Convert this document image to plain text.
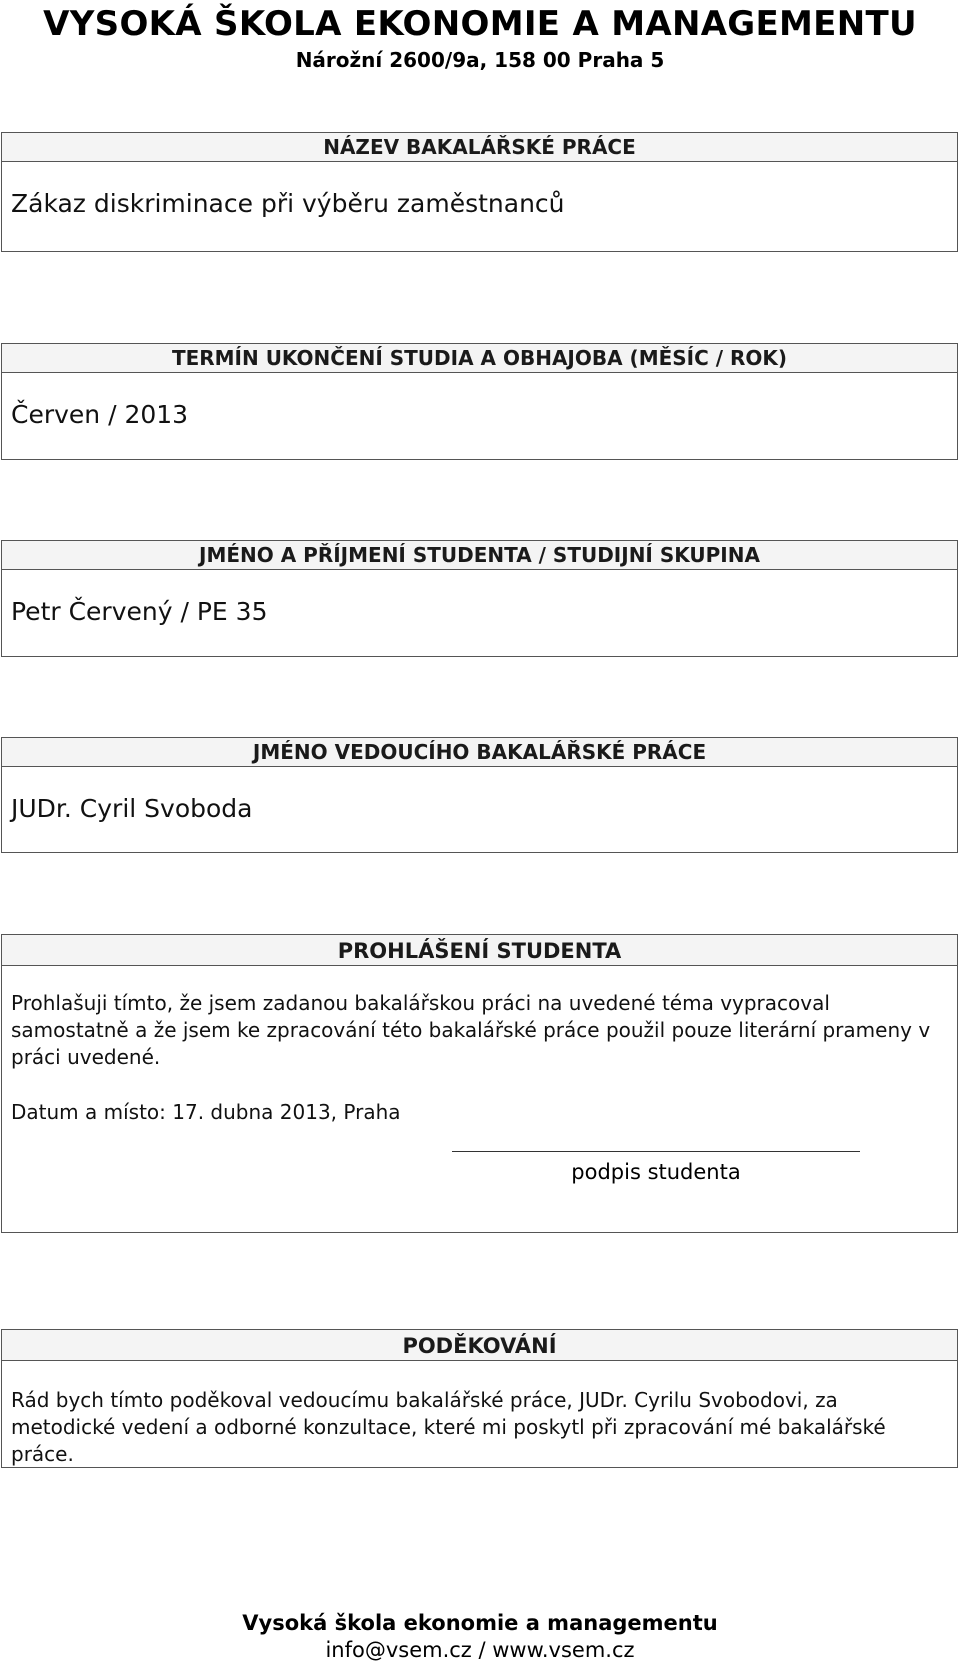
VYSOKÁ ŠKOLA EKONOMIE A MANAGEMENTU
Nárožní 2600/9a, 158 00 Praha 5
NÁZEV BAKALÁŘSKÉ PRÁCE
Zákaz diskriminace při výběru zaměstnanců
TERMÍN UKONČENÍ STUDIA A OBHAJOBA (MĚSÍC / ROK)
Červen / 2013
JMÉNO A PŘÍJMENÍ STUDENTA / STUDIJNÍ SKUPINA
Petr Červený / PE 35
JMÉNO VEDOUCÍHO BAKALÁŘSKÉ PRÁCE
JUDr. Cyril Svoboda
PROHLÁŠENÍ STUDENTA
Prohlašuji tímto, že jsem zadanou bakalářskou práci na uvedené téma vypracoval samostatně a že jsem ke zpracování této bakalářské práce použil pouze literární prameny v práci uvedené.
Datum a místo: 17. dubna 2013, Praha
podpis studenta
PODĚKOVÁNÍ
Rád bych tímto poděkoval vedoucímu bakalářské práce, JUDr. Cyrilu Svobodovi, za metodické vedení a odborné konzultace, které mi poskytl při zpracování mé bakalářské práce.
Vysoká škola ekonomie a managementu
info@vsem.cz / www.vsem.cz
